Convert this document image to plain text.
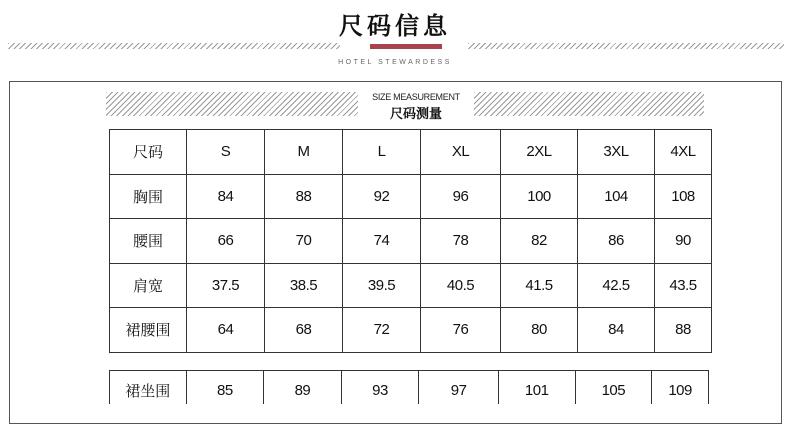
尺码信息
HOTEL STEWARDESS
SIZE MEASUREMENT
尺码测量
尺码	S	M	L	XL	2XL	3XL	4XL
胸围	84	88	92	96	100	104	108
腰围	66	70	74	78	82	86	90
肩宽	37.5	38.5	39.5	40.5	41.5	42.5	43.5
裙腰围	64	68	72	76	80	84	88
裙坐围	85	89	93	97	101	105	109
